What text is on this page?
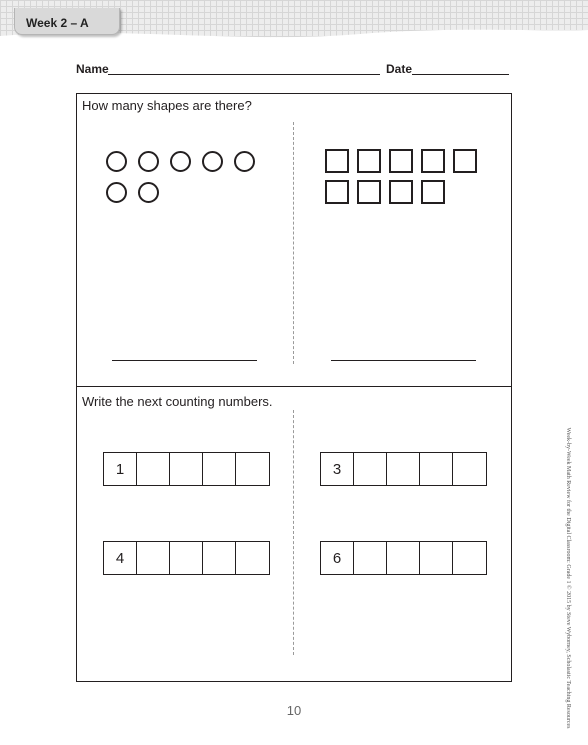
Week 2 – A
Name	Date
How many shapes are there?
Write the next counting numbers.
1	3
4	6
10	Week-by-Week Math Review for the Digital Classroom: Grade 1 © 2015 by Steve Wyborney, Scholastic Teaching Resources
